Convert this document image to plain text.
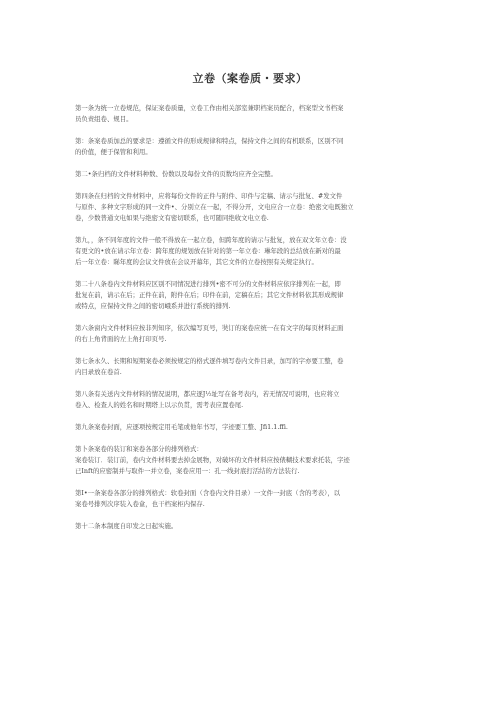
立卷（案卷质・要求）

第一条为统一立卷规范，保证案卷质量，立卷工作由相关部室兼职档案员配合，档案型文书档案
员负责组卷、规目。

第：条案卷质加总的要求是：遵循文件的形成规律和特点，保持文件之间的有机联系，区别不同
的价值，便于保管和利用。

第二•条归档的文件材料种数、份数以及每份文件的页数均应齐全完整。

第四条在归档的文件材料中，应将每份文件的正件与附件、印件与定稿、请示与批复、#发文件
与原件、多种文字形成的同一文件•、分别立在一起，不得分开，文电应合一立卷：绝密文电既独立
卷，少数普通文电如果与绝密文有密切联系，也可随同绝收文电立卷.

第九，，条不同年度的文件一般不得放在一起立卷，但跨年度的请示与批复，放在双文年立卷：没
有更文的•放在请示年立卷：跨年度的规划放在针对的第一年立卷：琳年段的总结放在新对的最
后一年立卷：睇年度的会议文件放在会议开幕年，其它文件的立卷按照有关规定执行。

第二十八条卷内文件材料应区别不同情况进行排列•密不可分的文件材料应依序排列在一起，即
批复在前，请示在后；正件在前，附件在后；印件在前，定稿在后；其它文件材料依其形成规律
或特点，应保持文件之间的密切峨系并进行系统的排列.

第六条窗内文件材料应按非列知序，依次编写页号，奘订的案卷应统一在有文字的每页材料正面
的右上角背面的左上角打印页号.

第七条永久、长期和短期案卷必须按规定的格式逐件填写卷内文件目录，加写的字亦要工整，卷
内目录放在卷首.

第八条有关送内文件材料的情况说明，都应逐J½址写在备考表内，若无情况可说明，也应将立
卷入、检查人的姓名和时期塔上以示负贯，需考表应置卷尾.

第九条案卷封面，应逐项按规定用毛笔或他年书写，字迹要工整、Jfi1.1.ffi.

第卜条案卷的装订和案卷各部分的排列格式：
案卷装订．装订前，卷内文件材料要去掉金展物，对破坏的文件材料应按俵糊技术要求托装，字迹
已Inft的应密制并与取件一并立卷，案卷应用一：孔一线封底打活结的方法装行.

第I•一条案卷各部分的排列格式：软卷封面（含卷内文件目录）一文件一封底（含的考表），以
案卷号排列次序装入卷盒，也干档案柜内保存.

第十二条本制度自印发之日起实施。
